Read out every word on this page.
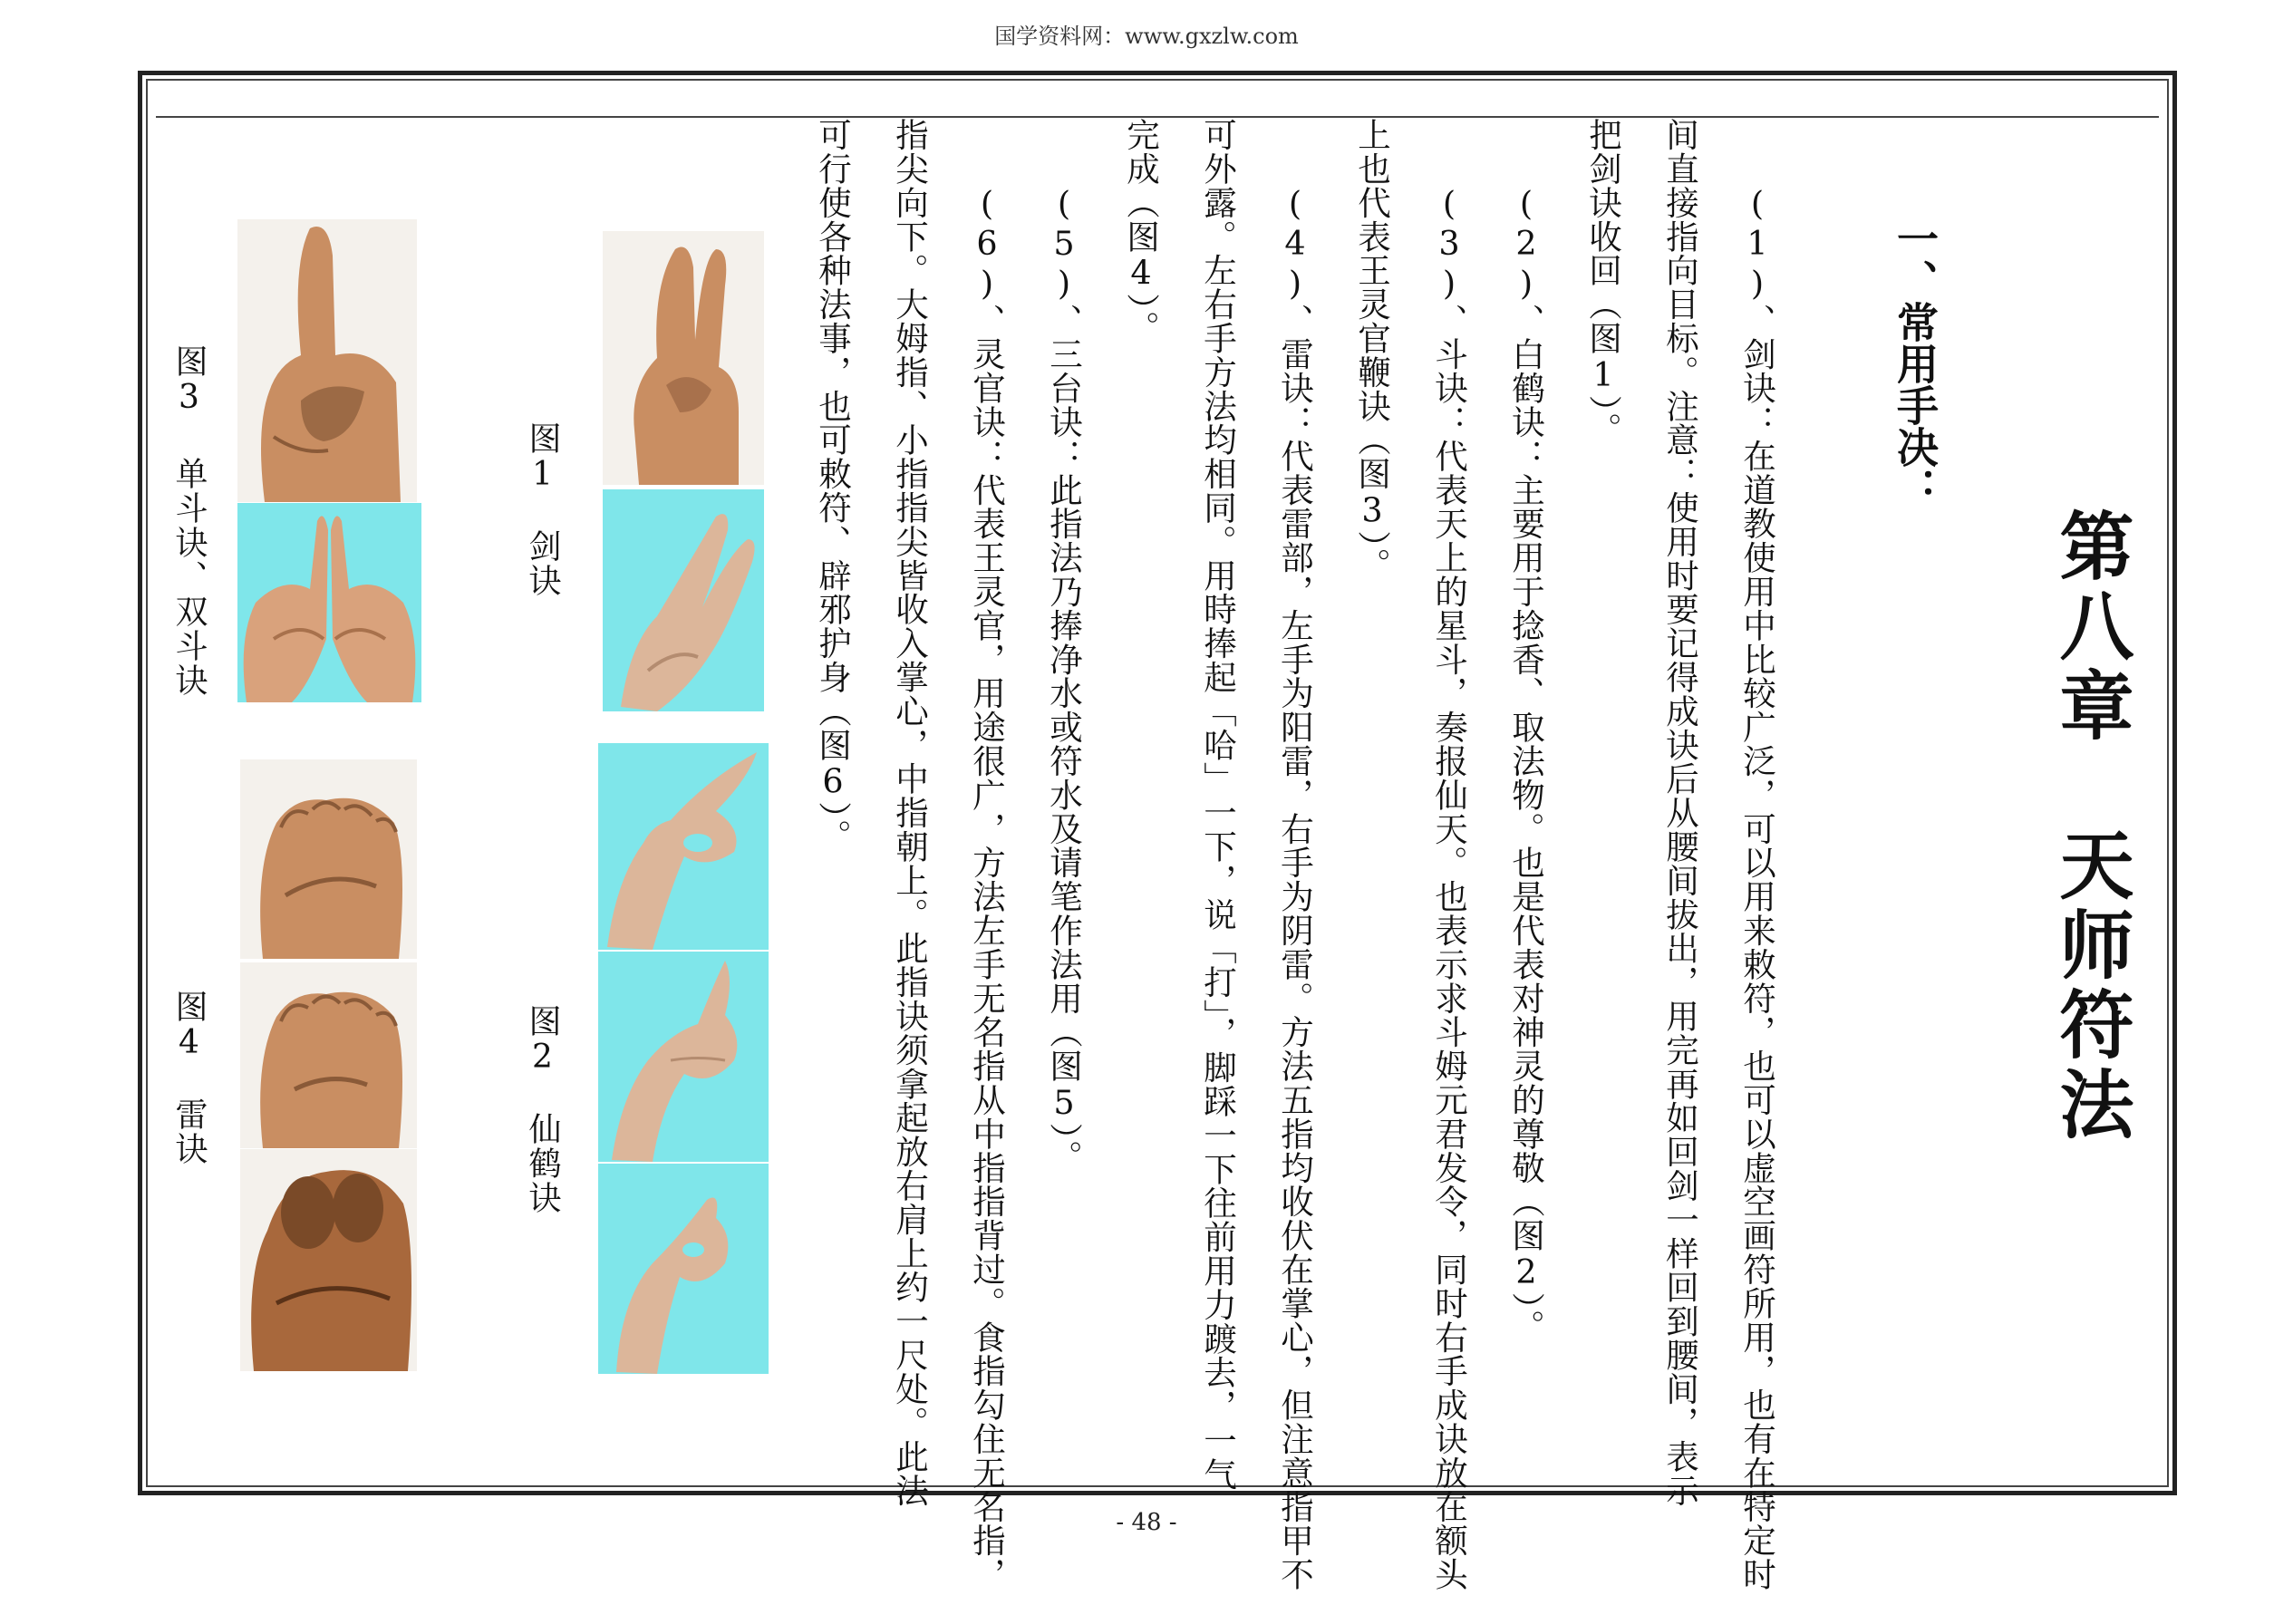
国学资料网：www.gxzlw.com
第八章　天师符法
一、常用手决：
(1)、剑诀：在道教使用中比较广泛，可以用来敕符，也可以虚空画符所用，也有在特定时
间直接指向目标。注意：使用时要记得成诀后从腰间拔出，用完再如回剑一样回到腰间，表示
把剑诀收回（图1）。
(2)、白鹤诀：主要用于捻香、取法物。也是代表对神灵的尊敬（图2）。
(3)、斗诀：代表天上的星斗，奏报仙天。也表示求斗姆元君发令，同时右手成诀放在额头
上也代表王灵官鞭诀（图3）。
(4)、雷诀：代表雷部，左手为阳雷，右手为阴雷。方法五指均收伏在掌心，但注意指甲不
可外露。左右手方法均相同。用時捧起「哈」一下，说「打」，脚踩一下往前用力踱去，一气
完成（图4）。
(5)、三台诀：此指法乃捧净水或符水及请笔作法用（图5）。
(6)、灵官诀：代表王灵官，用途很广，方法左手无名指从中指指背过。食指勾住无名指，
指尖向下。大姆指、小指指尖皆收入掌心，中指朝上。此指诀须拿起放右肩上约一尺处。此法
可行使各种法事，也可敕符、辟邪护身（图6）。
图1　剑诀
图2　仙鹤诀
图3 单斗诀、双斗诀
图4　雷诀
- 48 -
